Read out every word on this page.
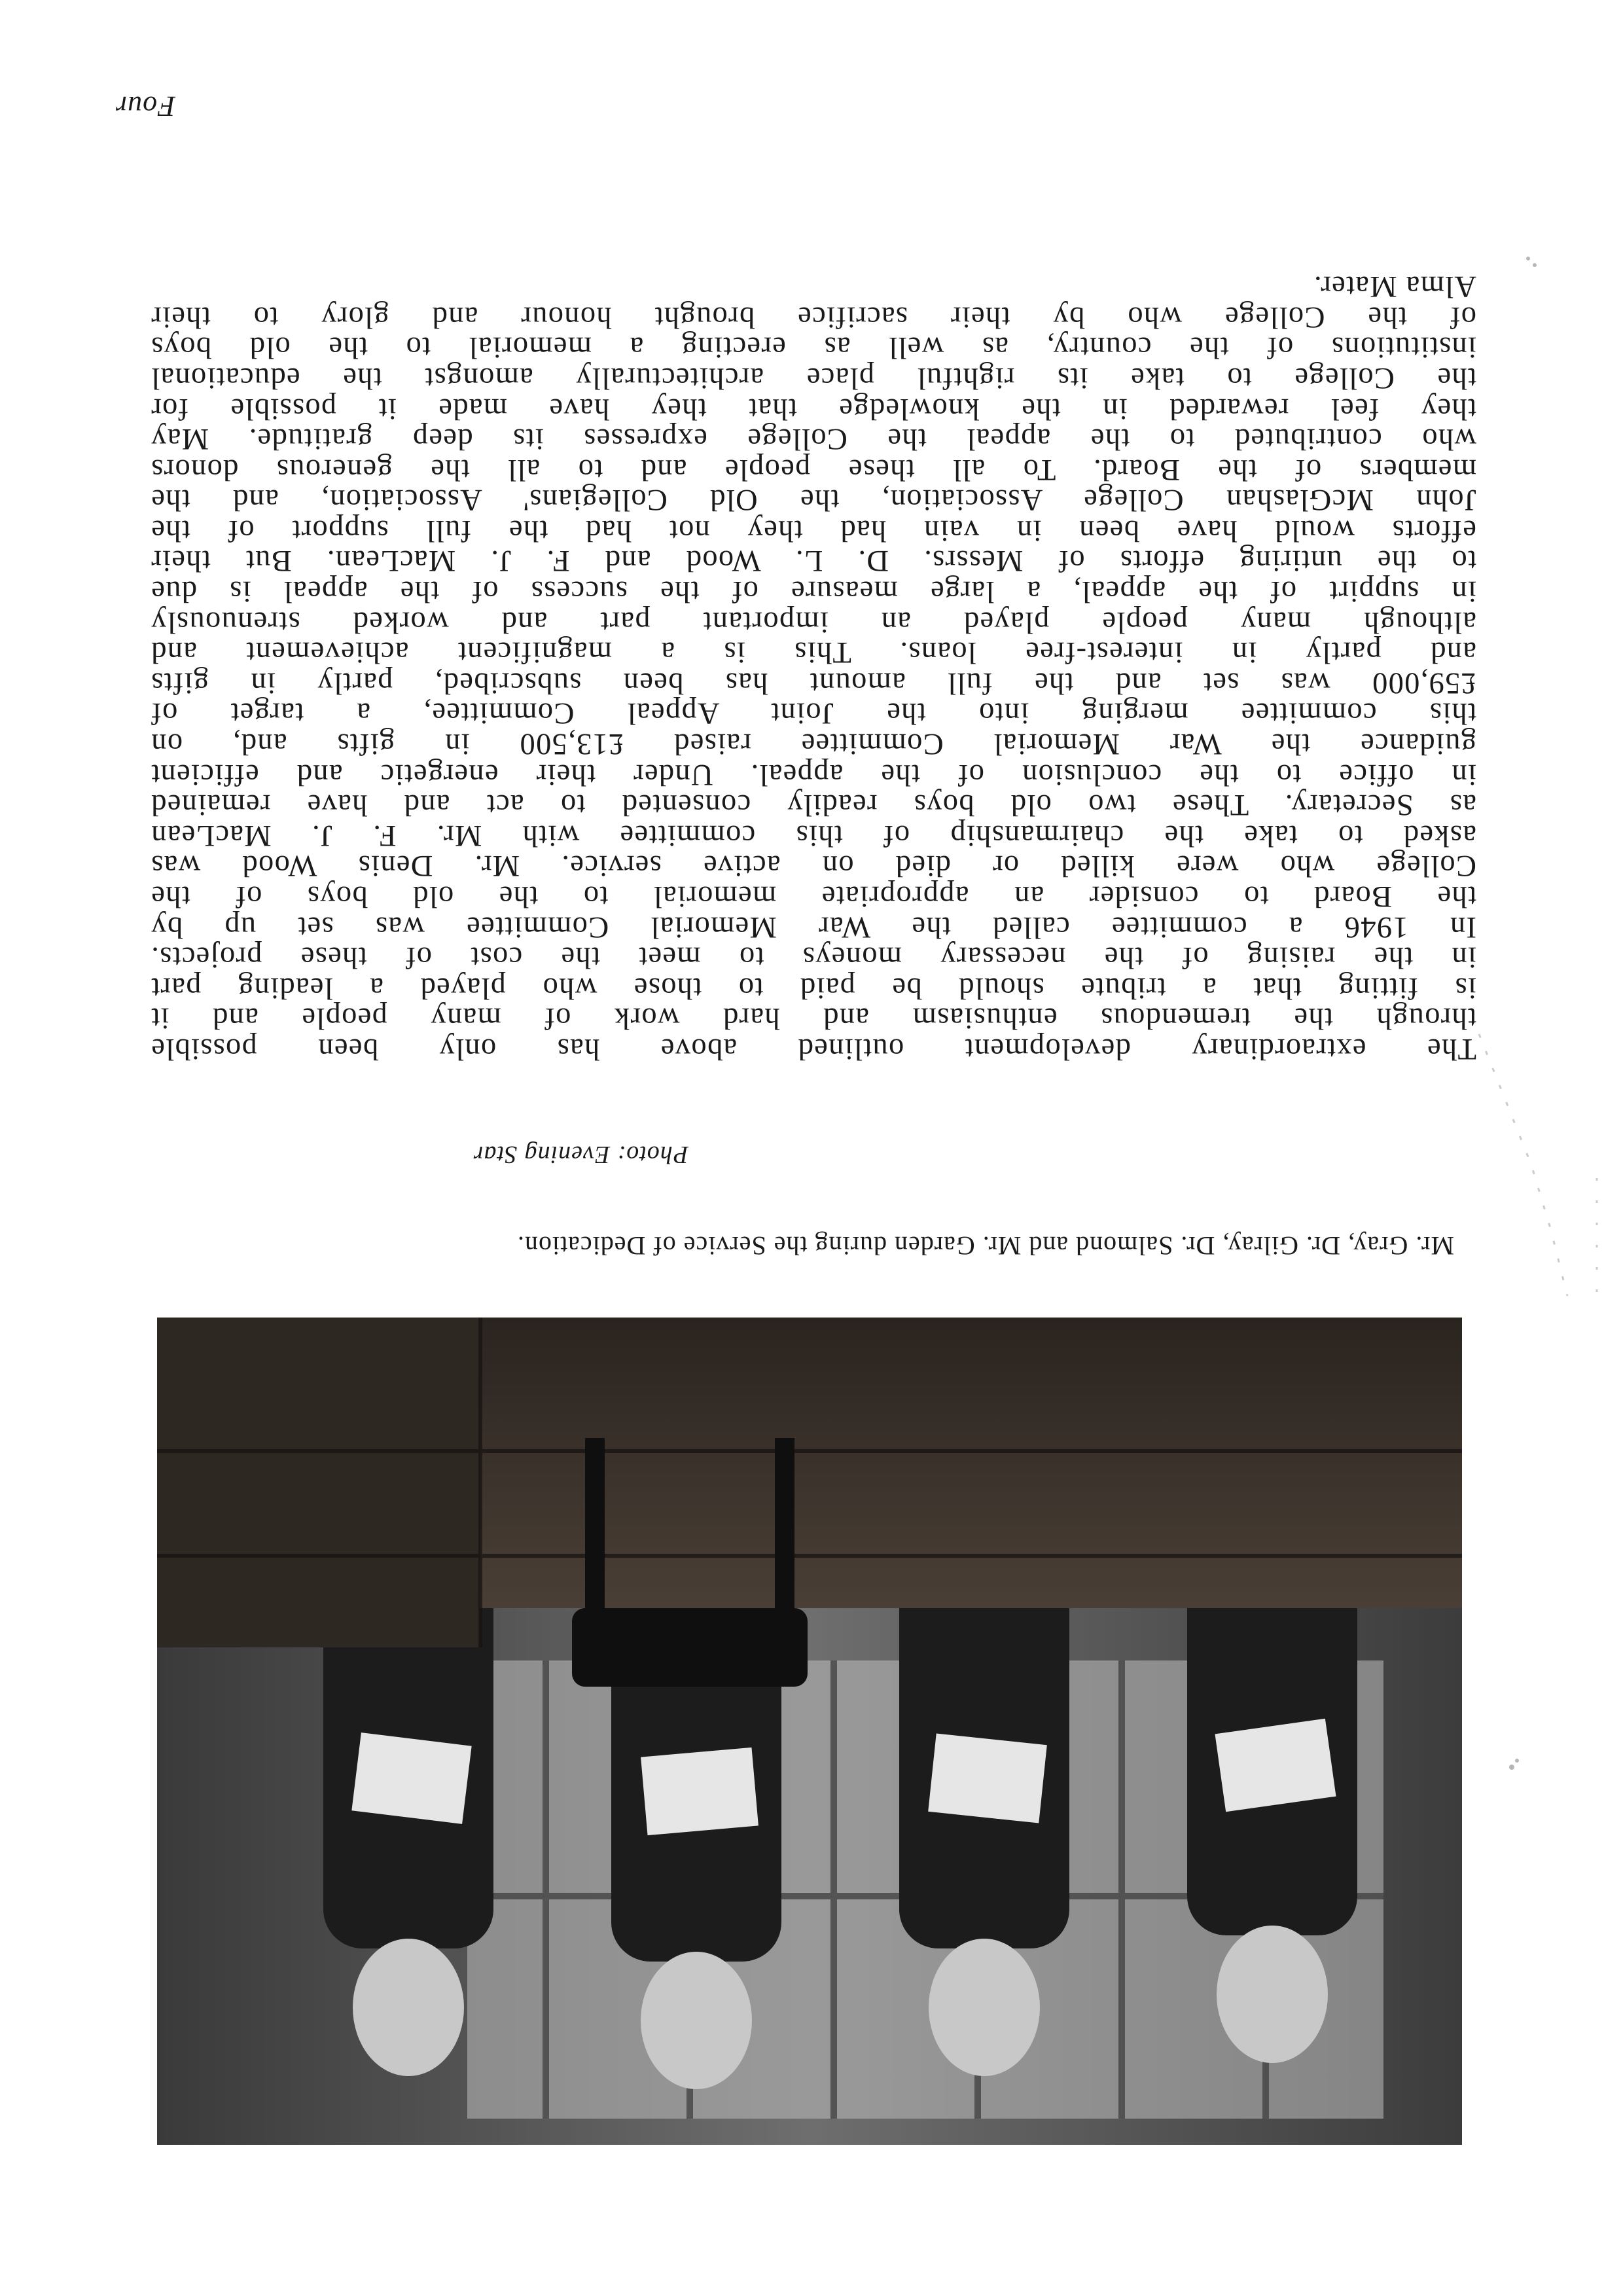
Mr. Gray, Dr. Gilray, Dr. Salmond and Mr. Garden during the Service of Dedication.
Photo: Evening Star
The extraordinary development outlined above has only been possible
through the tremendous enthusiasm and hard work of many people and it
is fitting that a tribute should be paid to those who played a leading part
in the raising of the necessary moneys to meet the cost of these projects.
In 1946 a committee called the War Memorial Committee was set up by
the Board to consider an appropriate memorial to the old boys of the
College who were killed or died on active service. Mr. Denis Wood was
asked to take the chairmanship of this committee with Mr. F. J. MacLean
as Secretary. These two old boys readily consented to act and have remained
in office to the conclusion of the appeal. Under their energetic and efficient
guidance the War Memorial Committee raised £13,500 in gifts and, on
this committee merging into the Joint Appeal Committee, a target of
£59,000 was set and the full amount has been subscribed, partly in gifts
and partly in interest-free loans. This is a magnificent achievement and
although many people played an important part and worked strenuously
in suppirt of the appeal, a large measure of the success of the appeal is due
to the untiring efforts of Messrs. D. L. Wood and F. J. MacLean. But their
efforts would have been in vain had they not had the full support of the
John McGlashan College Association, the Old Collegians' Association, and the
members of the Board. To all these people and to all the generous donors
who contributed to the appeal the College expresses its deep gratitude. May
they feel rewarded in the knowledge that they have made it possible for
the College to take its rightful place architecturally amongst the educational
institutions of the country, as well as erecting a memorial to the old boys
of the College who by their sacrifice brought honour and glory to their
Alma Mater.
Four
